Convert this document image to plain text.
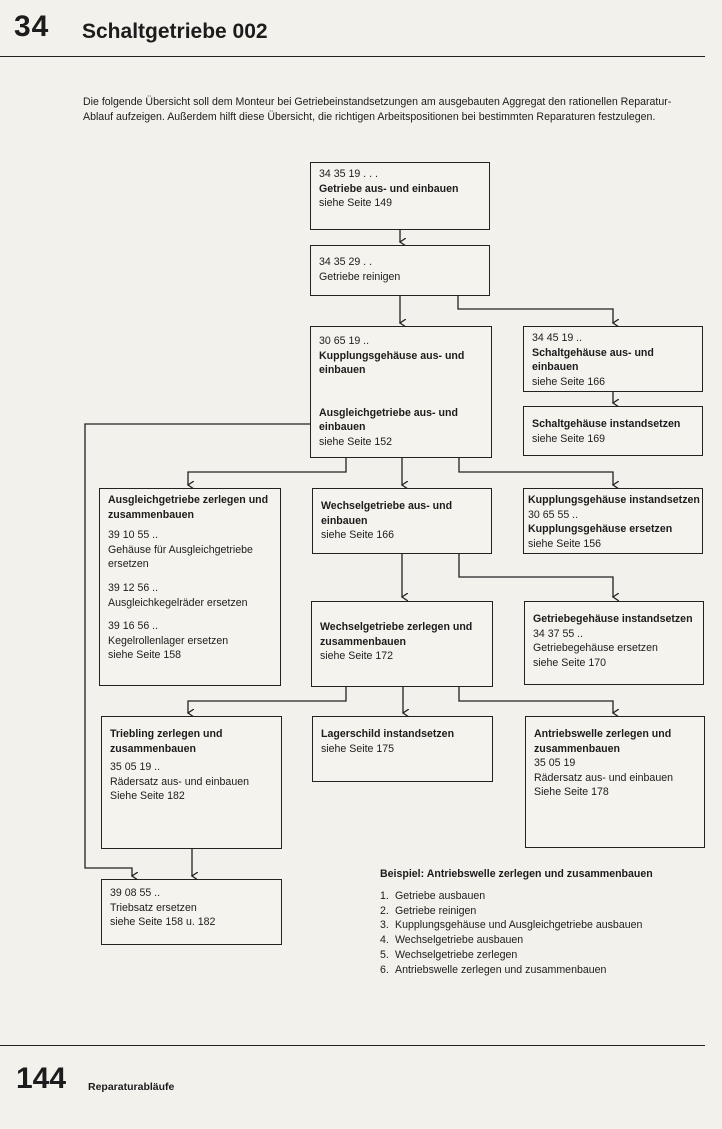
34 Schaltgetriebe 002
Die folgende Übersicht soll dem Monteur bei Getriebeinstandsetzungen am ausgebauten Aggregat den rationellen Reparatur-Ablauf aufzeigen. Außerdem hilft diese Übersicht, die richtigen Arbeitspositionen bei bestimmten Reparaturen festzulegen.
34 35 19 . . .
Getriebe aus- und einbauen
siehe Seite 149
34 35 29 . .
Getriebe reinigen
30 65 19 ..
Kupplungsgehäuse aus- und einbauen
Ausgleichgetriebe aus- und einbauen
siehe Seite 152
34 45 19 ..
Schaltgehäuse aus- und einbauen
siehe Seite 166
Schaltgehäuse instandsetzen
siehe Seite 169
Ausgleichgetriebe zerlegen und zusammenbauen
39 10 55 ..
Gehäuse für Ausgleichgetriebe ersetzen
39 12 56 ..
Ausgleichkegelräder ersetzen
39 16 56 ..
Kegelrollenlager ersetzen
siehe Seite 158
Wechselgetriebe aus- und einbauen
siehe Seite 166
Kupplungsgehäuse instandsetzen
30 65 55 ..
Kupplungsgehäuse ersetzen
siehe Seite 156
Wechselgetriebe zerlegen und zusammenbauen
siehe Seite 172
Getriebegehäuse instandsetzen
34 37 55 ..
Getriebegehäuse ersetzen
siehe Seite 170
Triebling zerlegen und zusammenbauen
35 05 19 ..
Rädersatz aus- und einbauen
Siehe Seite 182
Lagerschild instandsetzen
siehe Seite 175
Antriebswelle zerlegen und zusammenbauen
35 05 19
Rädersatz aus- und einbauen
Siehe Seite 178
39 08 55 ..
Triebsatz ersetzen
siehe Seite 158 u. 182
Beispiel: Antriebswelle zerlegen und zusammenbauen
1. Getriebe ausbauen
2. Getriebe reinigen
3. Kupplungsgehäuse und Ausgleichgetriebe ausbauen
4. Wechselgetriebe ausbauen
5. Wechselgetriebe zerlegen
6. Antriebswelle zerlegen und zusammenbauen
144 Reparaturabläufe
